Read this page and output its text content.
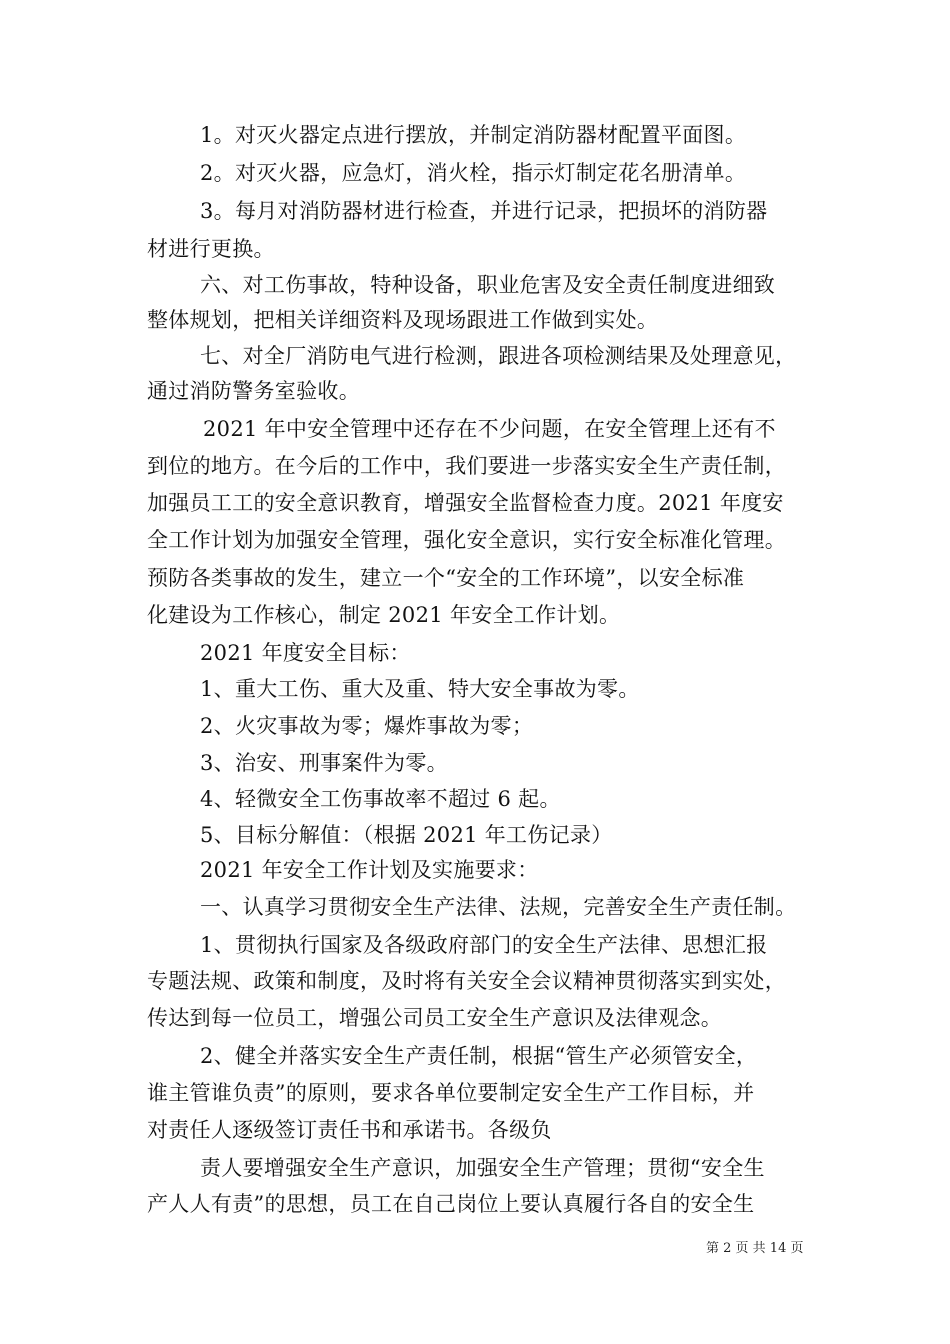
1。对灭火器定点进行摆放，并制定消防器材配置平面图。
2。对灭火器，应急灯，消火栓，指示灯制定花名册清单。
3。每月对消防器材进行检查，并进行记录，把损坏的消防器
材进行更换。
六、对工伤事故，特种设备，职业危害及安全责任制度进细致
整体规划，把相关详细资料及现场跟进工作做到实处。
七、对全厂消防电气进行检测，跟进各项检测结果及处理意见，
通过消防警务室验收。
2021 年中安全管理中还存在不少问题，在安全管理上还有不
到位的地方。在今后的工作中，我们要进一步落实安全生产责任制，
加强员工工的安全意识教育，增强安全监督检查力度。2021 年度安
全工作计划为加强安全管理，强化安全意识，实行安全标准化管理。
预防各类事故的发生，建立一个“安全的工作环境”，以安全标准
化建设为工作核心，制定 2021 年安全工作计划。
2021 年度安全目标：
1、重大工伤、重大及重、特大安全事故为零。
2、火灾事故为零；爆炸事故为零；
3、治安、刑事案件为零。
4、轻微安全工伤事故率不超过 6 起。
5、目标分解值：（根据 2021 年工伤记录）
2021 年安全工作计划及实施要求：
一、认真学习贯彻安全生产法律、法规，完善安全生产责任制。
1、贯彻执行国家及各级政府部门的安全生产法律、思想汇报
专题法规、政策和制度，及时将有关安全会议精神贯彻落实到实处，
传达到每一位员工，增强公司员工安全生产意识及法律观念。
2、健全并落实安全生产责任制，根据“管生产必须管安全，
谁主管谁负责”的原则，要求各单位要制定安全生产工作目标，并
对责任人逐级签订责任书和承诺书。各级负
责人要增强安全生产意识，加强安全生产管理；贯彻“安全生
产人人有责”的思想，员工在自己岗位上要认真履行各自的安全生
第 2 页 共 14 页
